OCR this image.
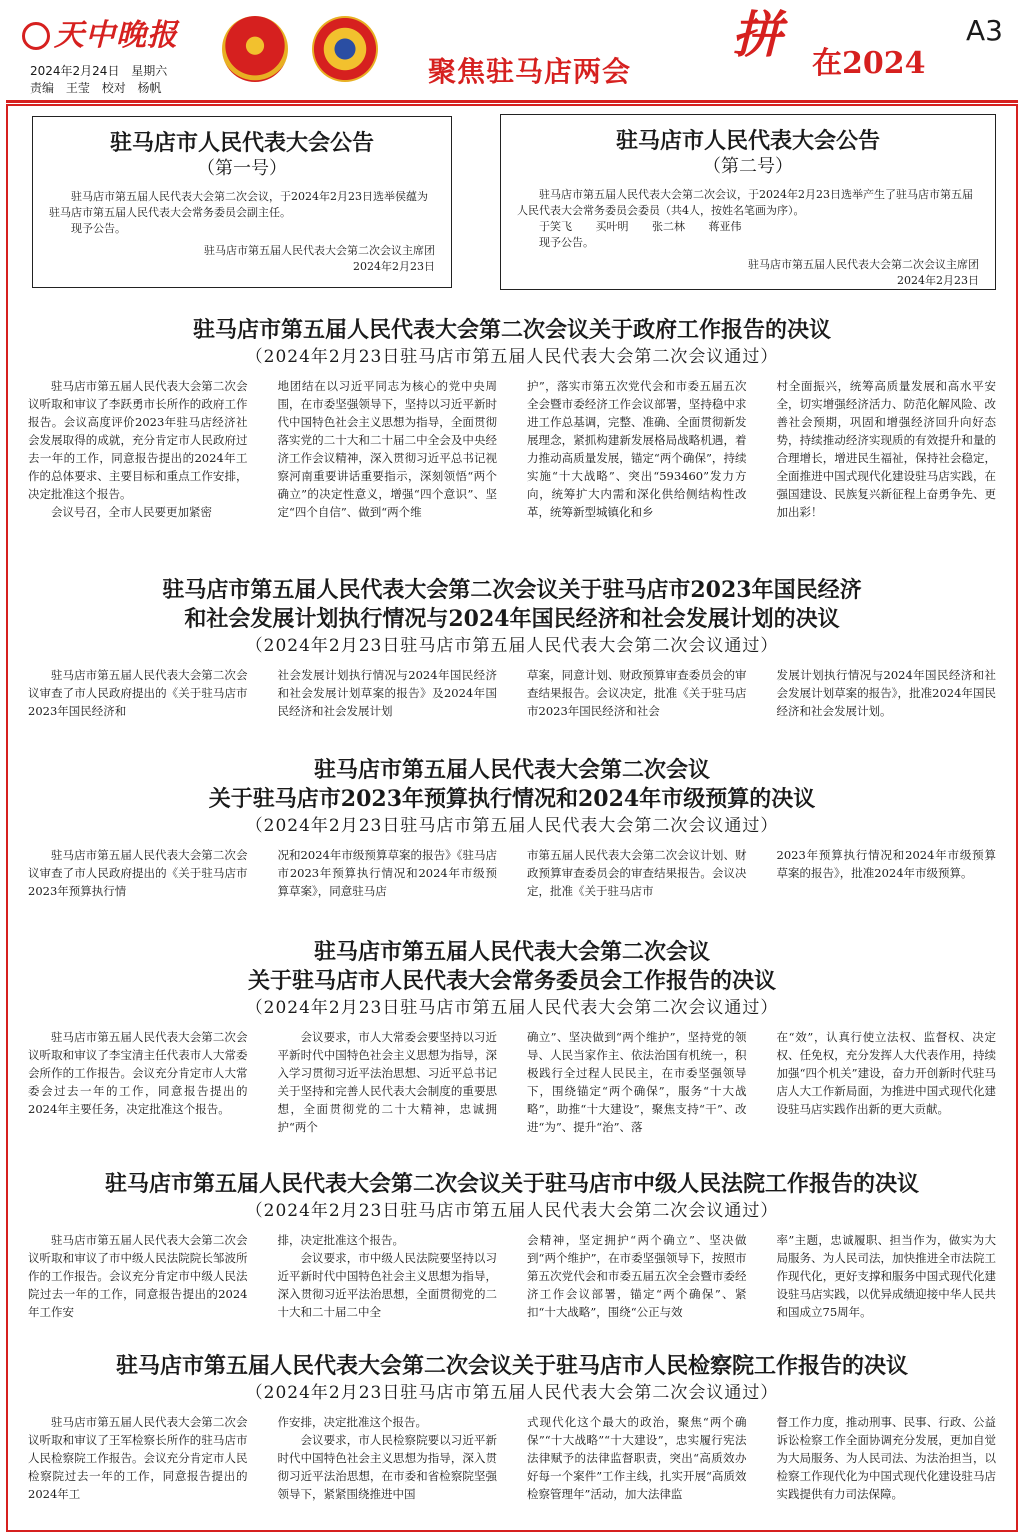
天中晚报
2024年2月24日 星期六
责编 王莹 校对 杨帆	聚焦驻马店两会
拼 在2024
A3

驻马店市人民代表大会公告

（第一号）

驻马店市第五届人民代表大会第二次会议，于2024年2月23日选举侯蕴为驻马店市第五届人民代表大会常务委员会副主任。

现予公告。

驻马店市第五届人民代表大会第二次会议主席团

2024年2月23日

驻马店市人民代表大会公告

（第二号）

驻马店市第五届人民代表大会第二次会议，于2024年2月23日选举产生了驻马店市第五届人民代表大会常务委员会委员（共4人，按姓名笔画为序）。

于笑飞 买叶明 张二林 蒋亚伟

现予公告。

驻马店市第五届人民代表大会第二次会议主席团

2024年2月23日

驻马店市第五届人民代表大会第二次会议关于政府工作报告的决议

（2024年2月23日驻马店市第五届人民代表大会第二次会议通过）

驻马店市第五届人民代表大会第二次会议听取和审议了李跃勇市长所作的政府工作报告。会议高度评价2023年驻马店经济社会发展取得的成就，充分肯定市人民政府过去一年的工作，同意报告提出的2024年工作的总体要求、主要目标和重点工作安排，决定批准这个报告。

会议号召，全市人民要更加紧密

地团结在以习近平同志为核心的党中央周围，在市委坚强领导下，坚持以习近平新时代中国特色社会主义思想为指导，全面贯彻落实党的二十大和二十届二中全会及中央经济工作会议精神，深入贯彻习近平总书记视察河南重要讲话重要指示，深刻领悟“两个确立”的决定性意义，增强“四个意识”、坚定“四个自信”、做到“两个维

护”，落实市第五次党代会和市委五届五次全会暨市委经济工作会议部署，坚持稳中求进工作总基调，完整、准确、全面贯彻新发展理念，紧抓构建新发展格局战略机遇，着力推动高质量发展，锚定“两个确保”，持续实施“十大战略”、突出“593460”发力方向，统筹扩大内需和深化供给侧结构性改革，统筹新型城镇化和乡

村全面振兴，统筹高质量发展和高水平安全，切实增强经济活力、防范化解风险、改善社会预期，巩固和增强经济回升向好态势，持续推动经济实现质的有效提升和量的合理增长，增进民生福祉，保持社会稳定，全面推进中国式现代化建设驻马店实践，在强国建设、民族复兴新征程上奋勇争先、更加出彩！

驻马店市第五届人民代表大会第二次会议关于驻马店市2023年国民经济

和社会发展计划执行情况与2024年国民经济和社会发展计划的决议

（2024年2月23日驻马店市第五届人民代表大会第二次会议通过）

驻马店市第五届人民代表大会第二次会议审查了市人民政府提出的《关于驻马店市2023年国民经济和

社会发展计划执行情况与2024年国民经济和社会发展计划草案的报告》及2024年国民经济和社会发展计划

草案，同意计划、财政预算审查委员会的审查结果报告。会议决定，批准《关于驻马店市2023年国民经济和社会

发展计划执行情况与2024年国民经济和社会发展计划草案的报告》，批准2024年国民经济和社会发展计划。

驻马店市第五届人民代表大会第二次会议

关于驻马店市2023年预算执行情况和2024年市级预算的决议

（2024年2月23日驻马店市第五届人民代表大会第二次会议通过）

驻马店市第五届人民代表大会第二次会议审查了市人民政府提出的《关于驻马店市2023年预算执行情

况和2024年市级预算草案的报告》《驻马店市2023年预算执行情况和2024年市级预算草案》，同意驻马店

市第五届人民代表大会第二次会议计划、财政预算审查委员会的审查结果报告。会议决定，批准《关于驻马店市

2023年预算执行情况和2024年市级预算草案的报告》，批准2024年市级预算。

驻马店市第五届人民代表大会第二次会议

关于驻马店市人民代表大会常务委员会工作报告的决议

（2024年2月23日驻马店市第五届人民代表大会第二次会议通过）

驻马店市第五届人民代表大会第二次会议听取和审议了李宝清主任代表市人大常委会所作的工作报告。会议充分肯定市人大常委会过去一年的工作，同意报告提出的2024年主要任务，决定批准这个报告。

会议要求，市人大常委会要坚持以习近平新时代中国特色社会主义思想为指导，深入学习贯彻习近平法治思想、习近平总书记关于坚持和完善人民代表大会制度的重要思想，全面贯彻党的二十大精神，忠诚拥护“两个

确立”、坚决做到“两个维护”，坚持党的领导、人民当家作主、依法治国有机统一，积极践行全过程人民民主，在市委坚强领导下，围绕锚定“两个确保”，服务“十大战略”，助推“十大建设”，聚焦支持“干”、改进“为”、提升“治”、落

在“效”，认真行使立法权、监督权、决定权、任免权，充分发挥人大代表作用，持续加强“四个机关”建设，奋力开创新时代驻马店人大工作新局面，为推进中国式现代化建设驻马店实践作出新的更大贡献。

驻马店市第五届人民代表大会第二次会议关于驻马店市中级人民法院工作报告的决议

（2024年2月23日驻马店市第五届人民代表大会第二次会议通过）

驻马店市第五届人民代表大会第二次会议听取和审议了市中级人民法院院长邹波所作的工作报告。会议充分肯定市中级人民法院过去一年的工作，同意报告提出的2024年工作安

排，决定批准这个报告。

会议要求，市中级人民法院要坚持以习近平新时代中国特色社会主义思想为指导，深入贯彻习近平法治思想，全面贯彻党的二十大和二十届二中全

会精神，坚定拥护“两个确立”、坚决做到“两个维护”，在市委坚强领导下，按照市第五次党代会和市委五届五次全会暨市委经济工作会议部署，锚定“两个确保”、紧扣“十大战略”，围绕“公正与效

率”主题，忠诚履职、担当作为，做实为大局服务、为人民司法，加快推进全市法院工作现代化，更好支撑和服务中国式现代化建设驻马店实践，以优异成绩迎接中华人民共和国成立75周年。

驻马店市第五届人民代表大会第二次会议关于驻马店市人民检察院工作报告的决议

（2024年2月23日驻马店市第五届人民代表大会第二次会议通过）

驻马店市第五届人民代表大会第二次会议听取和审议了王军检察长所作的驻马店市人民检察院工作报告。会议充分肯定市人民检察院过去一年的工作，同意报告提出的2024年工

作安排，决定批准这个报告。

会议要求，市人民检察院要以习近平新时代中国特色社会主义思想为指导，深入贯彻习近平法治思想，在市委和省检察院坚强领导下，紧紧围绕推进中国

式现代化这个最大的政治，聚焦“两个确保”“十大战略”“十大建设”，忠实履行宪法法律赋予的法律监督职责，突出“高质效办好每一个案件”工作主线，扎实开展“高质效检察管理年”活动，加大法律监

督工作力度，推动刑事、民事、行政、公益诉讼检察工作全面协调充分发展，更加自觉为大局服务、为人民司法、为法治担当，以检察工作现代化为中国式现代化建设驻马店实践提供有力司法保障。
